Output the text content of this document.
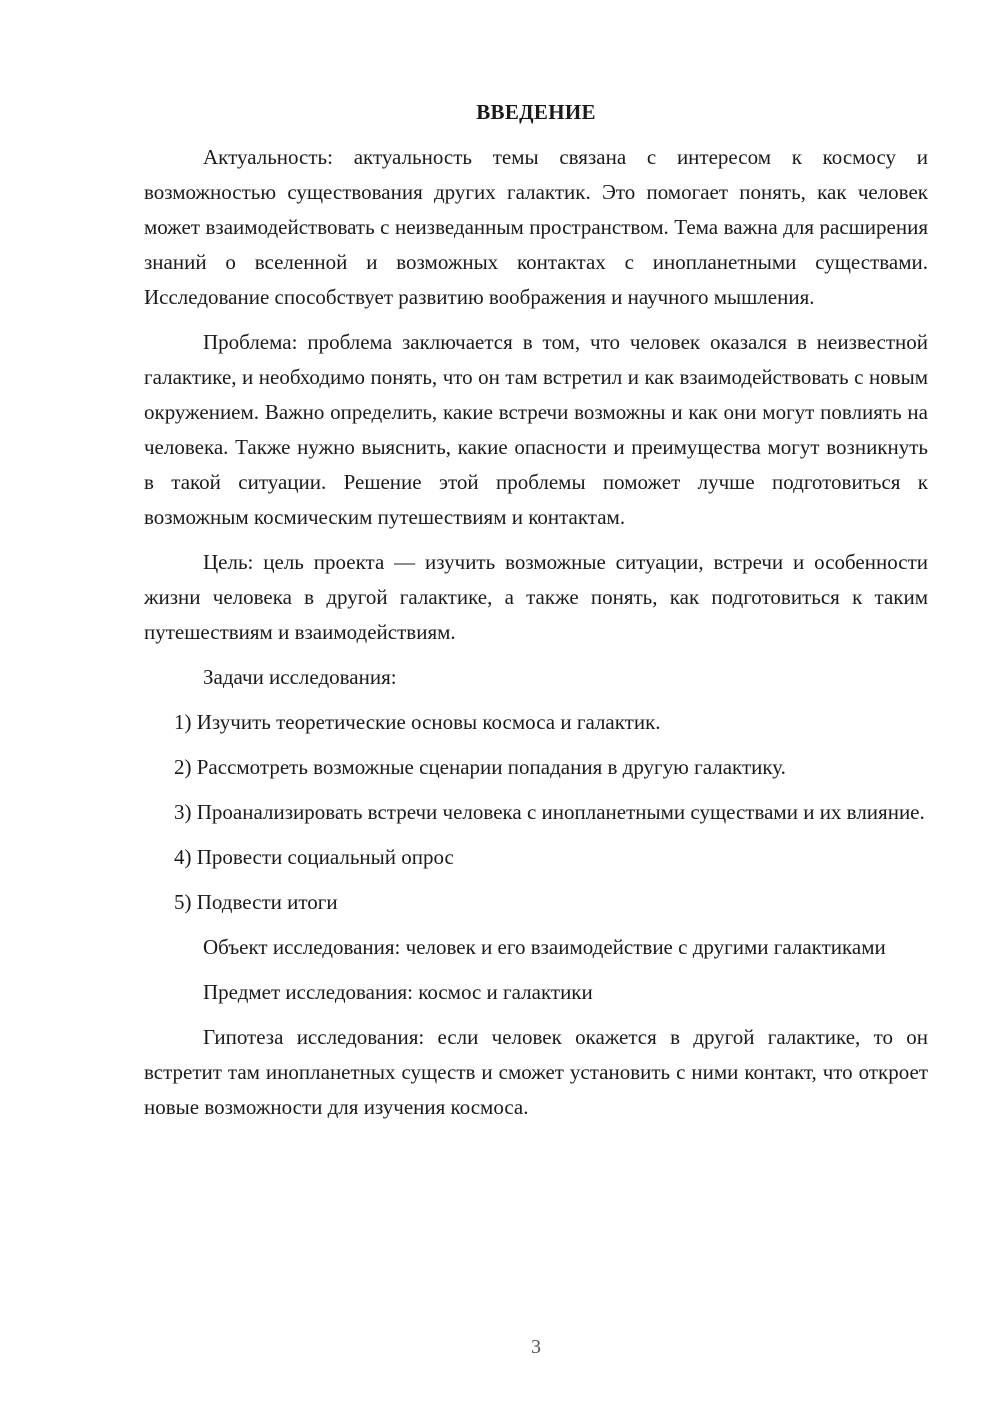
ВВЕДЕНИЕ

Актуальность: актуальность темы связана с интересом к космосу и возможностью существования других галактик. Это помогает понять, как человек может взаимодействовать с неизведанным пространством. Тема важна для расширения знаний о вселенной и возможных контактах с инопланетными существами. Исследование способствует развитию воображения и научного мышления.

Проблема: проблема заключается в том, что человек оказался в неизвестной галактике, и необходимо понять, что он там встретил и как взаимодействовать с новым окружением. Важно определить, какие встречи возможны и как они могут повлиять на человека. Также нужно выяснить, какие опасности и преимущества могут возникнуть в такой ситуации. Решение этой проблемы поможет лучше подготовиться к возможным космическим путешествиям и контактам.

Цель: цель проекта — изучить возможные ситуации, встречи и особенности жизни человека в другой галактике, а также понять, как подготовиться к таким путешествиям и взаимодействиям.

Задачи исследования:

1) Изучить теоретические основы космоса и галактик.

2) Рассмотреть возможные сценарии попадания в другую галактику.

3) Проанализировать встречи человека с инопланетными существами и их влияние.

4) Провести социальный опрос

5) Подвести итоги

Объект исследования: человек и его взаимодействие с другими галактиками

Предмет исследования: космос и галактики

Гипотеза исследования: если человек окажется в другой галактике, то он встретит там инопланетных существ и сможет установить с ними контакт, что откроет новые возможности для изучения космоса.

3
